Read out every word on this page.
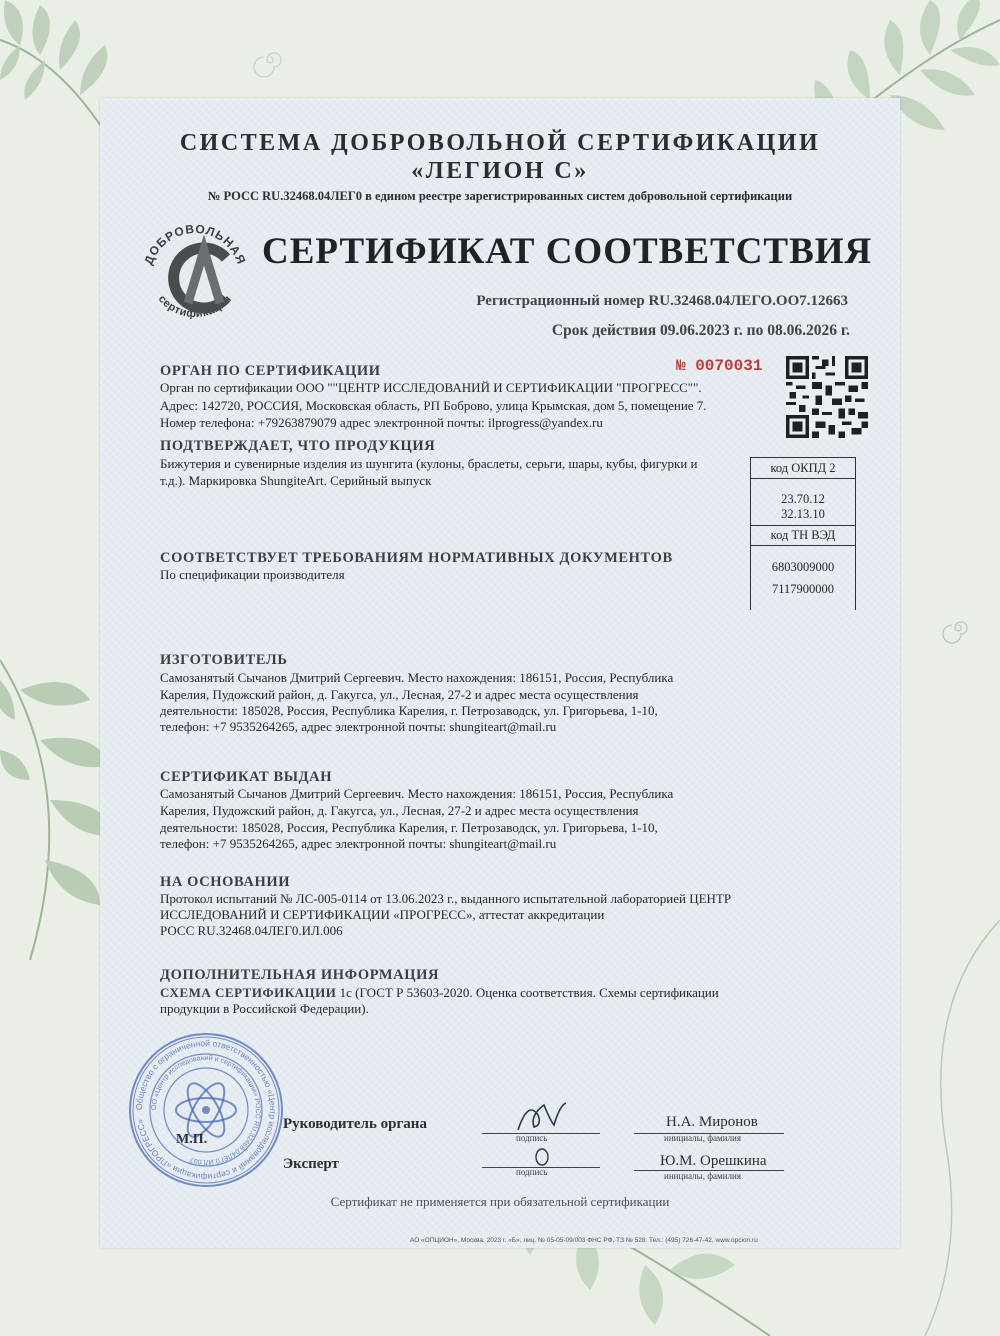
СИСТЕМА ДОБРОВОЛЬНОЙ СЕРТИФИКАЦИИ
«ЛЕГИОН С»
№ РОСС RU.32468.04ЛЕГ0 в едином реестре зарегистрированных систем добровольной сертификации
ДОБРОВОЛЬНАЯ
сертификация
СЕРТИФИКАТ СООТВЕТСТВИЯ
Регистрационный номер RU.32468.04ЛЕГО.ОО7.12663
Срок действия 09.06.2023 г. по 08.06.2026 г.
№ 0070031
ОРГАН ПО СЕРТИФИКАЦИИ
Орган по сертификации ООО ""ЦЕНТР ИССЛЕДОВАНИЙ И СЕРТИФИКАЦИИ "ПРОГРЕСС"".
Адрес: 142720, РОССИЯ, Московская область, РП Боброво, улица Крымская, дом 5, помещение 7.
Номер телефона: +79263879079 адрес электронной почты: ilprogress@yandex.ru
ПОДТВЕРЖДАЕТ, ЧТО ПРОДУКЦИЯ
Бижутерия и сувенирные изделия из шунгита (кулоны, браслеты, серьги, шары, кубы, фигурки и
т.д.). Маркировка ShungiteArt. Серийный выпуск
код ОКПД 2
23.70.12
32.13.10
код ТН ВЭД
6803009000
7117900000
СООТВЕТСТВУЕТ ТРЕБОВАНИЯМ НОРМАТИВНЫХ ДОКУМЕНТОВ
По спецификации производителя
ИЗГОТОВИТЕЛЬ
Самозанятый Сычанов Дмитрий Сергеевич. Место нахождения: 186151, Россия, Республика
Карелия, Пудожский район, д. Гакугса, ул., Лесная, 27-2 и адрес места осуществления
деятельности: 185028, Россия, Республика Карелия, г. Петрозаводск, ул. Григорьева, 1-10,
телефон: +7 9535264265, адрес электронной почты: shungiteart@mail.ru
СЕРТИФИКАТ ВЫДАН
Самозанятый Сычанов Дмитрий Сергеевич. Место нахождения: 186151, Россия, Республика
Карелия, Пудожский район, д. Гакугса, ул., Лесная, 27-2 и адрес места осуществления
деятельности: 185028, Россия, Республика Карелия, г. Петрозаводск, ул. Григорьева, 1-10,
телефон: +7 9535264265, адрес электронной почты: shungiteart@mail.ru
НА ОСНОВАНИИ
Протокол испытаний № ЛС-005-0114 от 13.06.2023 г., выданного испытательной лабораторией ЦЕНТР
ИССЛЕДОВАНИЙ И СЕРТИФИКАЦИИ «ПРОГРЕСС», аттестат аккредитации
РОСС RU.32468.04ЛЕГ0.ИЛ.006
ДОПОЛНИТЕЛЬНАЯ ИНФОРМАЦИЯ
СХЕМА СЕРТИФИКАЦИИ 1с (ГОСТ Р 53603-2020. Оценка соответствия. Схемы сертификации
продукции в Российской Федерации).
Общество с ограниченной ответственностью «Центр исследований и сертификации «ПРОГРЕСС»
ОО «Центр исследований и сертификации» РОСС RU.32468.04ЛЕГ0.ИЛ.007
М.П.
Руководитель органа
подпись
Н.А. Миронов
инициалы, фамилия
Эксперт	подпись
Ю.М. Орешкина
инициалы, фамилия
Сертификат не применяется при обязательной сертификации
АО «ОПЦИОН», Москва, 2023 г. «Б», лиц. № 05-05-09/003 ФНС РФ, ТЗ № 528. Тел.: (495) 726-47-42, www.opcion.ru
